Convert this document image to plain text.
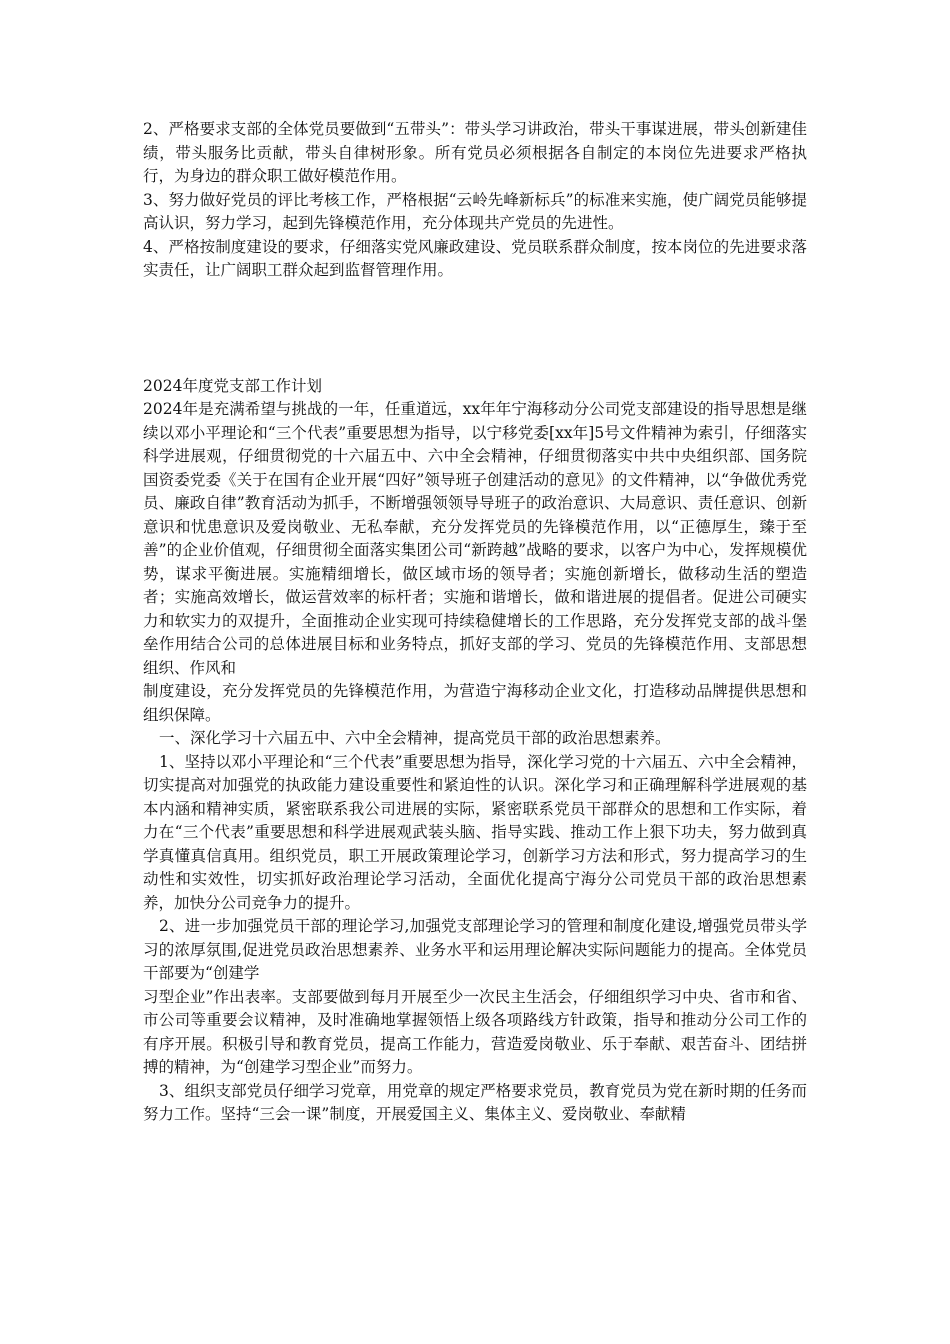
2、严格要求支部的全体党员要做到“五带头”：带头学习讲政治，带头干事谋进展，带头创新建佳绩，带头服务比贡献，带头自律树形象。所有党员必须根据各自制定的本岗位先进要求严格执行，为身边的群众职工做好模范作用。

3、努力做好党员的评比考核工作，严格根据“云岭先峰新标兵”的标准来实施，使广阔党员能够提高认识，努力学习，起到先锋模范作用，充分体现共产党员的先进性。

4、严格按制度建设的要求，仔细落实党风廉政建设、党员联系群众制度，按本岗位的先进要求落实责任，让广阔职工群众起到监督管理作用。

2024年度党支部工作计划

2024年是充满希望与挑战的一年，任重道远，xx年年宁海移动分公司党支部建设的指导思想是继续以邓小平理论和“三个代表”重要思想为指导，以宁移党委[xx年]5号文件精神为索引，仔细落实科学进展观，仔细贯彻党的十六届五中、六中全会精神，仔细贯彻落实中共中央组织部、国务院国资委党委《关于在国有企业开展“四好”领导班子创建活动的意见》的文件精神，以“争做优秀党员、廉政自律”教育活动为抓手，不断增强领领导导班子的政治意识、大局意识、责任意识、创新意识和忧患意识及爱岗敬业、无私奉献，充分发挥党员的先锋模范作用，以“正德厚生，臻于至善”的企业价值观，仔细贯彻全面落实集团公司“新跨越”战略的要求，以客户为中心，发挥规模优势，谋求平衡进展。实施精细增长，做区域市场的领导者；实施创新增长，做移动生活的塑造者；实施高效增长，做运营效率的标杆者；实施和谐增长，做和谐进展的提倡者。促进公司硬实力和软实力的双提升，全面推动企业实现可持续稳健增长的工作思路，充分发挥党支部的战斗堡垒作用结合公司的总体进展目标和业务特点，抓好支部的学习、党员的先锋模范作用、支部思想组织、作风和

制度建设，充分发挥党员的先锋模范作用，为营造宁海移动企业文化，打造移动品牌提供思想和组织保障。

一、深化学习十六届五中、六中全会精神，提高党员干部的政治思想素养。

1、坚持以邓小平理论和“三个代表”重要思想为指导，深化学习党的十六届五、六中全会精神，切实提高对加强党的执政能力建设重要性和紧迫性的认识。深化学习和正确理解科学进展观的基本内涵和精神实质，紧密联系我公司进展的实际，紧密联系党员干部群众的思想和工作实际，着力在“三个代表”重要思想和科学进展观武装头脑、指导实践、推动工作上狠下功夫，努力做到真学真懂真信真用。组织党员，职工开展政策理论学习，创新学习方法和形式，努力提高学习的生动性和实效性，切实抓好政治理论学习活动，全面优化提高宁海分公司党员干部的政治思想素养，加快分公司竞争力的提升。

2、进一步加强党员干部的理论学习,加强党支部理论学习的管理和制度化建设,增强党员带头学习的浓厚氛围,促进党员政治思想素养、业务水平和运用理论解决实际问题能力的提高。全体党员干部要为“创建学

习型企业”作出表率。支部要做到每月开展至少一次民主生活会，仔细组织学习中央、省市和省、市公司等重要会议精神，及时准确地掌握领悟上级各项路线方针政策，指导和推动分公司工作的有序开展。积极引导和教育党员，提高工作能力，营造爱岗敬业、乐于奉献、艰苦奋斗、团结拼搏的精神，为“创建学习型企业”而努力。

3、组织支部党员仔细学习党章，用党章的规定严格要求党员，教育党员为党在新时期的任务而努力工作。坚持“三会一课”制度，开展爱国主义、集体主义、爱岗敬业、奉献精
